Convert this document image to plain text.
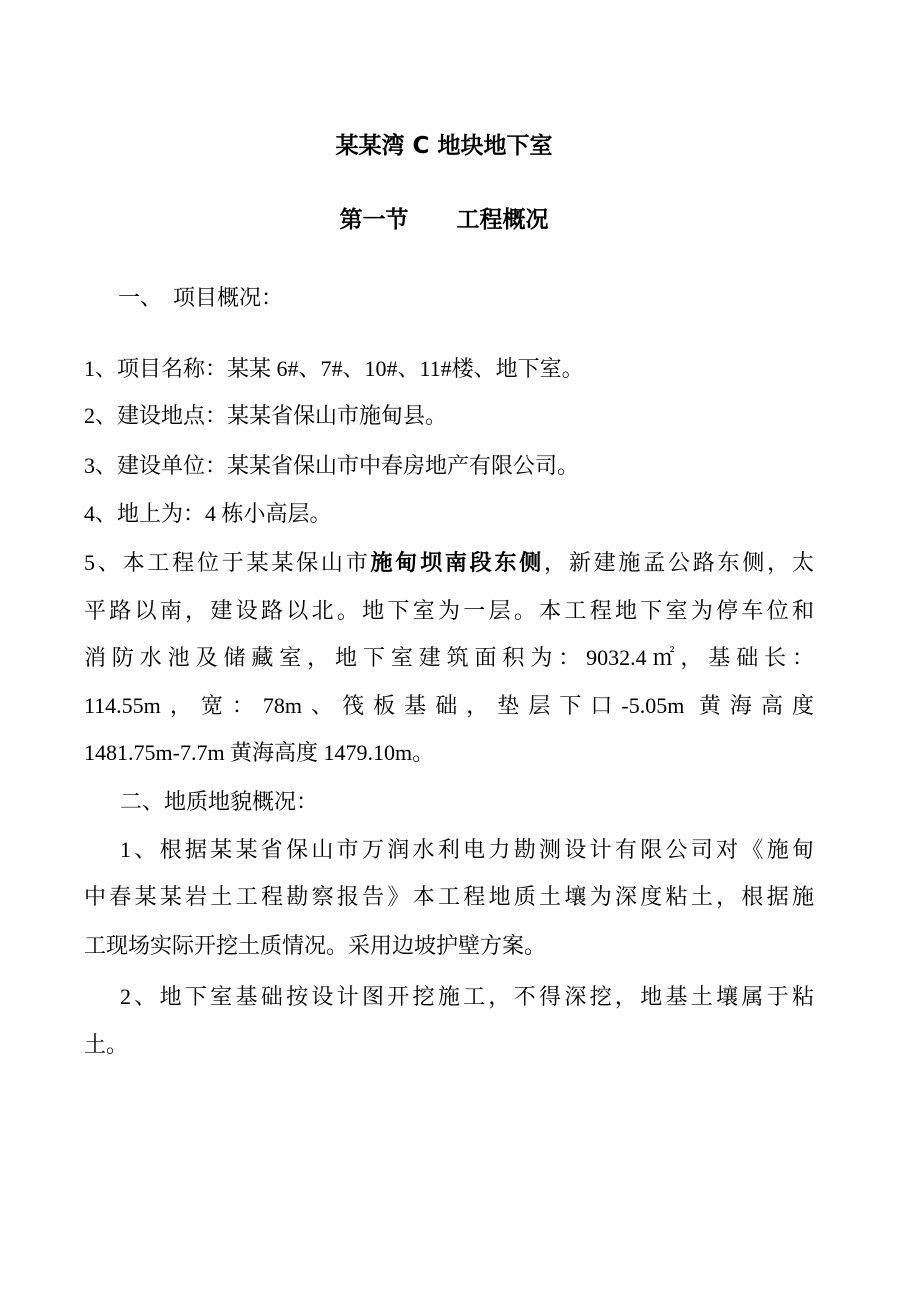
某某湾 C 地块地下室
第一节 工程概况
一、  项目概况：
1、项目名称：某某 6#、7#、10#、11#楼、地下室。
2、建设地点：某某省保山市施甸县。
3、建设单位：某某省保山市中春房地产有限公司。
4、地上为：4 栋小高层。
5、本工程位于某某保山市施甸坝南段东侧，新建施孟公路东侧，太
平路以南，建设路以北。地下室为一层。本工程地下室为停车位和
消防水池及储藏室，地下室建筑面积为：9032.4㎡，基础长：
114.55m，宽：78m、筏板基础，垫层下口-5.05m 黄海高度
1481.75m-7.7m 黄海高度 1479.10m。
二、地质地貌概况：
1、根据某某省保山市万润水利电力勘测设计有限公司对《施甸
中春某某岩土工程勘察报告》本工程地质土壤为深度粘土，根据施
工现场实际开挖土质情况。采用边坡护壁方案。
2、地下室基础按设计图开挖施工，不得深挖，地基土壤属于粘
土。
